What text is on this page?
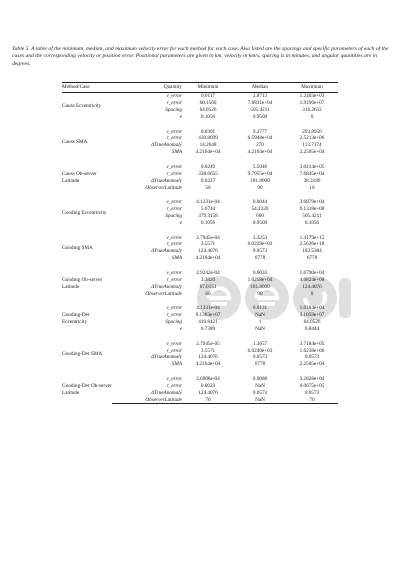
Table 5. A table of the minimum, median, and maximum velocity error for each method for each case. Also listed are the spacings and specific parameters of each of the cases and the corresponding velocity or position error. Positional parameters are given in km, velocity in km/s, spacing is in minutes, and angular quantities are in degrees.

Method/Case	Quantity	Minimum	Median	Maximum
Gauss Eccentricity	v_error	0.0117	2.8713	1.2403e+03
	r_error	60.1560	7.8831e+04	1.9196e+07
	Spacing	64.0526	505.4211	316.2632
	e	0.1056	0.9500	0

Gauss SMA	v_error	0.0301	9.2777	293.8956
	r_error	430.8699	6.5948e+04	2.5213e+06
	ΔTrueAnomaly	14.2648	270	113.7174
	SMA	4.2164e+04	4.2164e+04	2.2505e+04

Gauss Ob-server Latitude	v_error	0.0249	5.5046	3.0414e+05
	r_error	338.6655	9.7955e+04	7.6845e+04
	ΔTrueAnomaly	9.6227	181.8000	38.3189
	ObserverLatitude	50	90	10

Gooding Eccentricity	v_error	4.1331e-04	0.0044	3.6879e+04
	r_error	5.6744	54.4320	9.1318e+08
	Spacing	379.3158	600	505.4211
	e	0.1056	0.9500	0.1056

Gooding SMA	v_error	2.7945e-04	3.3253	1.4179e+15
	r_error	3.5571	6.0239e+03	2.5636e+18
	ΔTrueAnomaly	124.4076	0.0573	183.5384
	SMA	4.2164e+04	6778	6778

Gooding Ob-server Latitude	v_error	2.9242e-04	0.0033	1.6790e+04
	r_error	3.3820	1.0258e+04	4.0824e+08
	ΔTrueAnomaly	67.0151	181.8000	124.4076
	ObserverLatitude	60	90	0

Gooding-Der Eccentricity	v_error	4.1331e-04	0.0131	1.0184e+04
	r_error	9.1363e+07	NaN	3.1058e+07
	Spacing	410.8421	1	64.0526
	e	0.7389	NaN	0.8444

Gooding-Der SMA	v_error	2.7945e-05	1.3657	3.7184e+05
	r_error	3.5571	6.0240e+03	1.6238e+06
	ΔTrueAnomaly	124.4076	0.0573	0.0573
	SMA	4.2164e+04	6778	2.2505e+04

Gooding-Der Ob-server Latitude	v_error	2.6908e-04	0.0088	3.2828e+04
	r_error	0.0023	NaN	6.0675e+05
	ΔTrueAnomaly	124.4076	0.0573	0.0573
	ObserverLatitude	70	NaN	70
